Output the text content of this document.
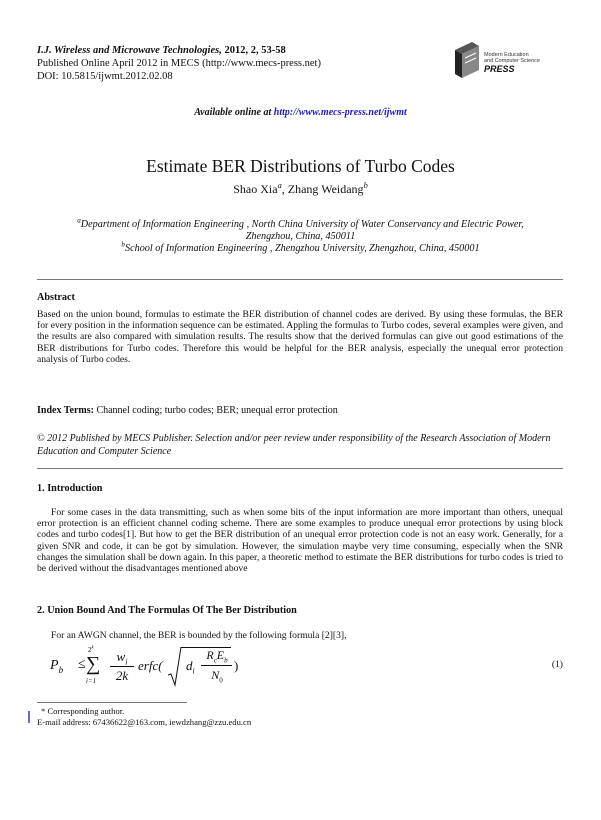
I.J. Wireless and Microwave Technologies, 2012, 2, 53-58
Published Online April 2012 in MECS (http://www.mecs-press.net)
DOI: 10.5815/ijwmt.2012.02.08
Modern Education
and Computer Science
PRESS
Available online at http://www.mecs-press.net/ijwmt
Estimate BER Distributions of Turbo Codes
Shao Xia$^a$, Zhang Weidang$^b$
$^a$Department of Information Engineering , North China University of Water Conservancy and Electric Power,
Zhengzhou, China, 450011
$^b$School of Information Engineering , Zhengzhou University, Zhengzhou, China, 450001
Abstract
Based on the union bound, formulas to estimate the BER distribution of channel codes are derived. By using these formulas, the BER for every position in the information sequence can be estimated. Appling the formulas to Turbo codes, several examples were given, and the results are also compared with simulation results. The results show that the derived formulas can give out good estimations of the BER distributions for Turbo codes. Therefore this would be helpful for the BER analysis, especially the unequal error protection analysis of Turbo codes.
Index Terms: Channel coding; turbo codes; BER; unequal error protection
© 2012 Published by MECS Publisher. Selection and/or peer review under responsibility of the Research Association of Modern Education and Computer Science
1. Introduction
For some cases in the data transmitting, such as when some bits of the input information are more important than others, unequal error protection is an efficient channel coding scheme. There are some examples to produce unequal error protections by using block codes and turbo codes[1]. But how to get the BER distribution of an unequal error protection code is not an easy work. Generally, for a given SNR and code, it can be got by simulation. However, the simulation maybe very time consuming, especially when the SNR changes the simulation shall be down again. In this paper, a theoretic method to estimate the BER distributions for turbo codes is tried to be derived without the disadvantages mentioned above
2. Union Bound And The Formulas Of The Ber Distribution
For an AWGN channel, the BER is bounded by the following formula [2][3],
$P_b$ ≤
$2^k$
∑
i=1
$w_i$
2k
erfc( $d_i$
$R_cE_b$
$N_0$
)	(1)
* Corresponding author.
E-mail address: 67436622@163.com, iewdzhang@zzu.edu.cn
